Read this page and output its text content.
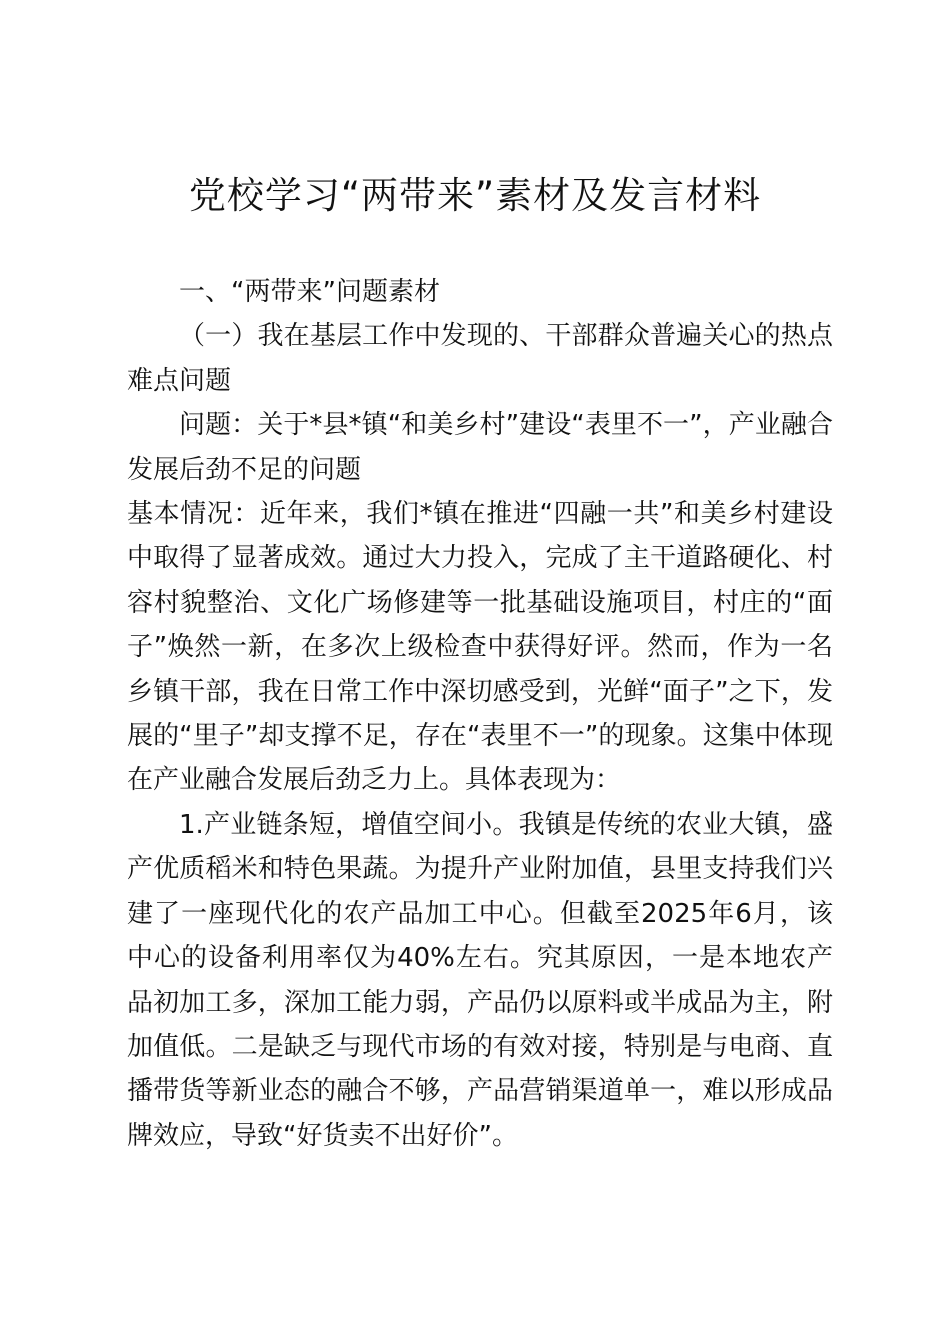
党校学习“两带来”素材及发言材料

一、“两带来”问题素材

（一）我在基层工作中发现的、干部群众普遍关心的热点难点问题

问题：关于*县*镇“和美乡村”建设“表里不一”，产业融合发展后劲不足的问题

基本情况：近年来，我们*镇在推进“四融一共”和美乡村建设中取得了显著成效。通过大力投入，完成了主干道路硬化、村容村貌整治、文化广场修建等一批基础设施项目，村庄的“面子”焕然一新，在多次上级检查中获得好评。然而，作为一名乡镇干部，我在日常工作中深切感受到，光鲜“面子”之下，发展的“里子”却支撑不足，存在“表里不一”的现象。这集中体现在产业融合发展后劲乏力上。具体表现为：

1.产业链条短，增值空间小。我镇是传统的农业大镇，盛产优质稻米和特色果蔬。为提升产业附加值，县里支持我们兴建了一座现代化的农产品加工中心。但截至2025年6月，该中心的设备利用率仅为40%左右。究其原因，一是本地农产品初加工多，深加工能力弱，产品仍以原料或半成品为主，附加值低。二是缺乏与现代市场的有效对接，特别是与电商、直播带货等新业态的融合不够，产品营销渠道单一，难以形成品牌效应，导致“好货卖不出好价”。
